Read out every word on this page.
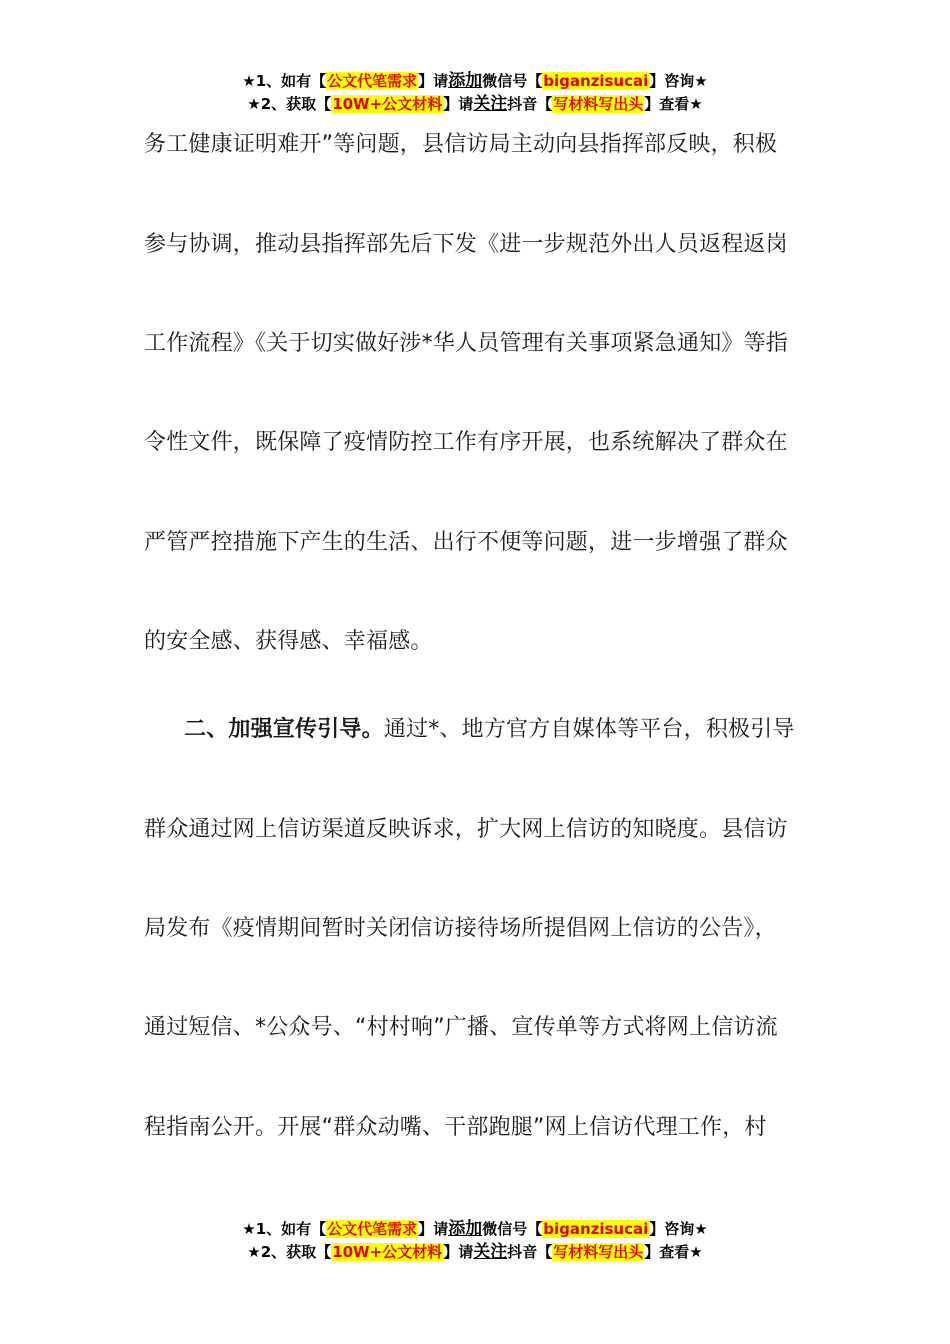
★1、如有【公文代笔需求】请添加微信号【biganzisucai】咨询★
★2、获取【10W+公文材料】请关注抖音【写材料写出头】查看★
务工健康证明难开”等问题，县信访局主动向县指挥部反映，积极
参与协调，推动县指挥部先后下发《进一步规范外出人员返程返岗
工作流程》《关于切实做好涉*华人员管理有关事项紧急通知》等指
令性文件，既保障了疫情防控工作有序开展，也系统解决了群众在
严管严控措施下产生的生活、出行不便等问题，进一步增强了群众
的安全感、获得感、幸福感。
二、加强宣传引导。通过*、地方官方自媒体等平台，积极引导
群众通过网上信访渠道反映诉求，扩大网上信访的知晓度。县信访
局发布《疫情期间暂时关闭信访接待场所提倡网上信访的公告》，
通过短信、*公众号、“村村响”广播、宣传单等方式将网上信访流
程指南公开。开展“群众动嘴、干部跑腿”网上信访代理工作，村
★1、如有【公文代笔需求】请添加微信号【biganzisucai】咨询★
★2、获取【10W+公文材料】请关注抖音【写材料写出头】查看★
